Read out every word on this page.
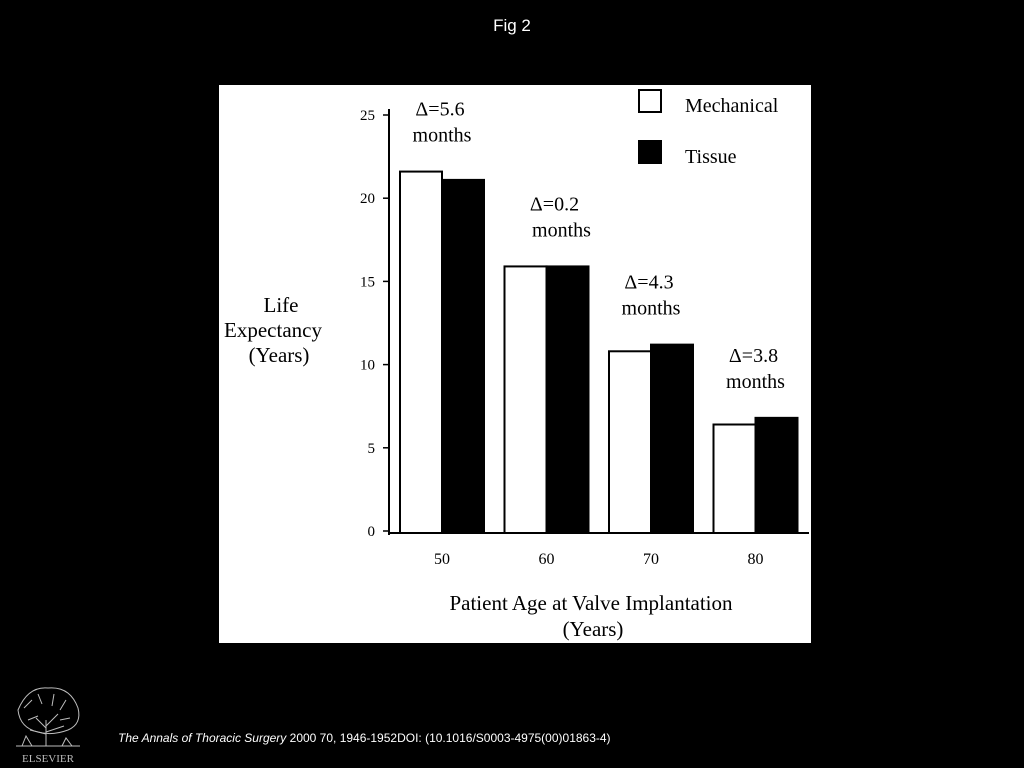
Fig 2
0
5
10
15
20
25
50	60	70	80
Δ=5.6
months
Δ=0.2
months
Δ=4.3
months
Δ=3.8
months
Mechanical
Tissue
Life
Expectancy
(Years)
Patient Age at Valve Implantation
(Years)
ELSEVIER
The Annals of Thoracic Surgery 2000 70, 1946-1952DOI: (10.1016/S0003-4975(00)01863-4)
